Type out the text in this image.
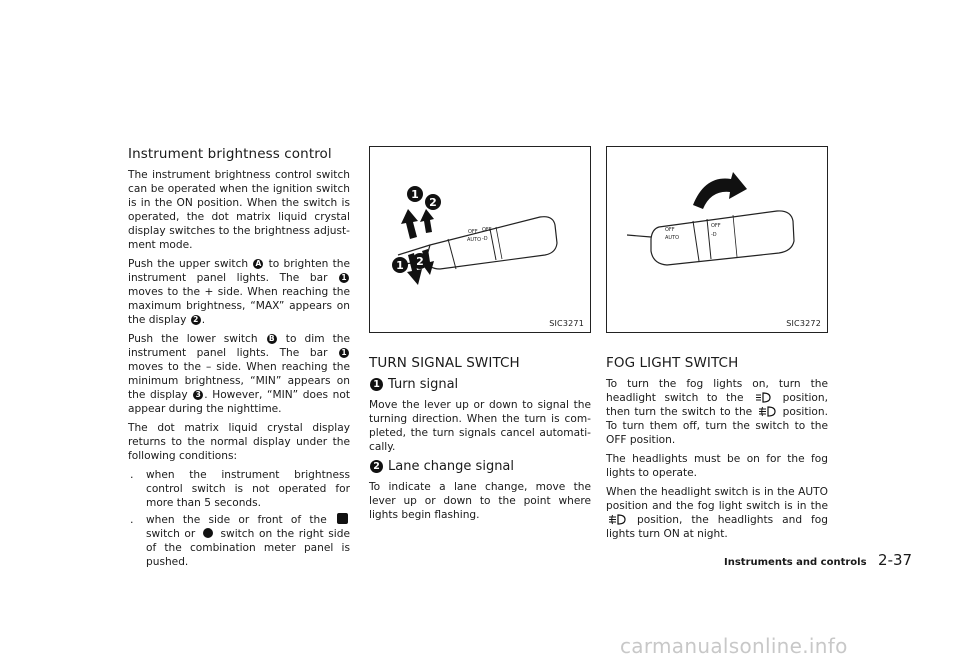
Instrument brightness control

The instrument brightness control switch can be operated when the ignition switch is in the ON position. When the switch is operated, the dot matrix liquid crystal display switches to the brightness adjust- ment mode.

Push the upper switch A to brighten the instrument panel lights. The bar 1 moves to the + side. When reaching the maximum brightness, “MAX” appears on the display 2 .

Push the lower switch B to dim the instrument panel lights. The bar 1 moves to the – side. When reaching the minimum brightness, “MIN” appears on the display 3 . However, “MIN” does not appear during the nighttime.

The dot matrix liquid crystal display returns to the normal display under the following conditions:

. when the instrument brightness control switch is not operated for more than 5 seconds.
. when the side or front of the  switch or switch on the right side of the combination meter panel is pushed.
OFF
AUTO
OFF
-D
1
2
1 2
SIC3271
TURN SIGNAL SWITCH
1 Turn signal

Move the lever up or down to signal the turning direction. When the turn is com- pleted, the turn signals cancel automati- cally.

2 Lane change signal

To indicate a lane change, move the lever up or down to the point where lights begin flashing.

OFF
AUTO
OFF
-D
SIC3272
FOG LIGHT SWITCH

To turn the fog lights on, turn the headlight switch to the	position, then turn the switch to the	position. To turn them off, turn the switch to the OFF position.

The headlights must be on for the fog lights to operate.

When the headlight switch is in the AUTO position and the fog light switch is in the  position, the headlights and fog lights turn ON at night.

Instruments and controls 2-37
carmanualsonline.info
